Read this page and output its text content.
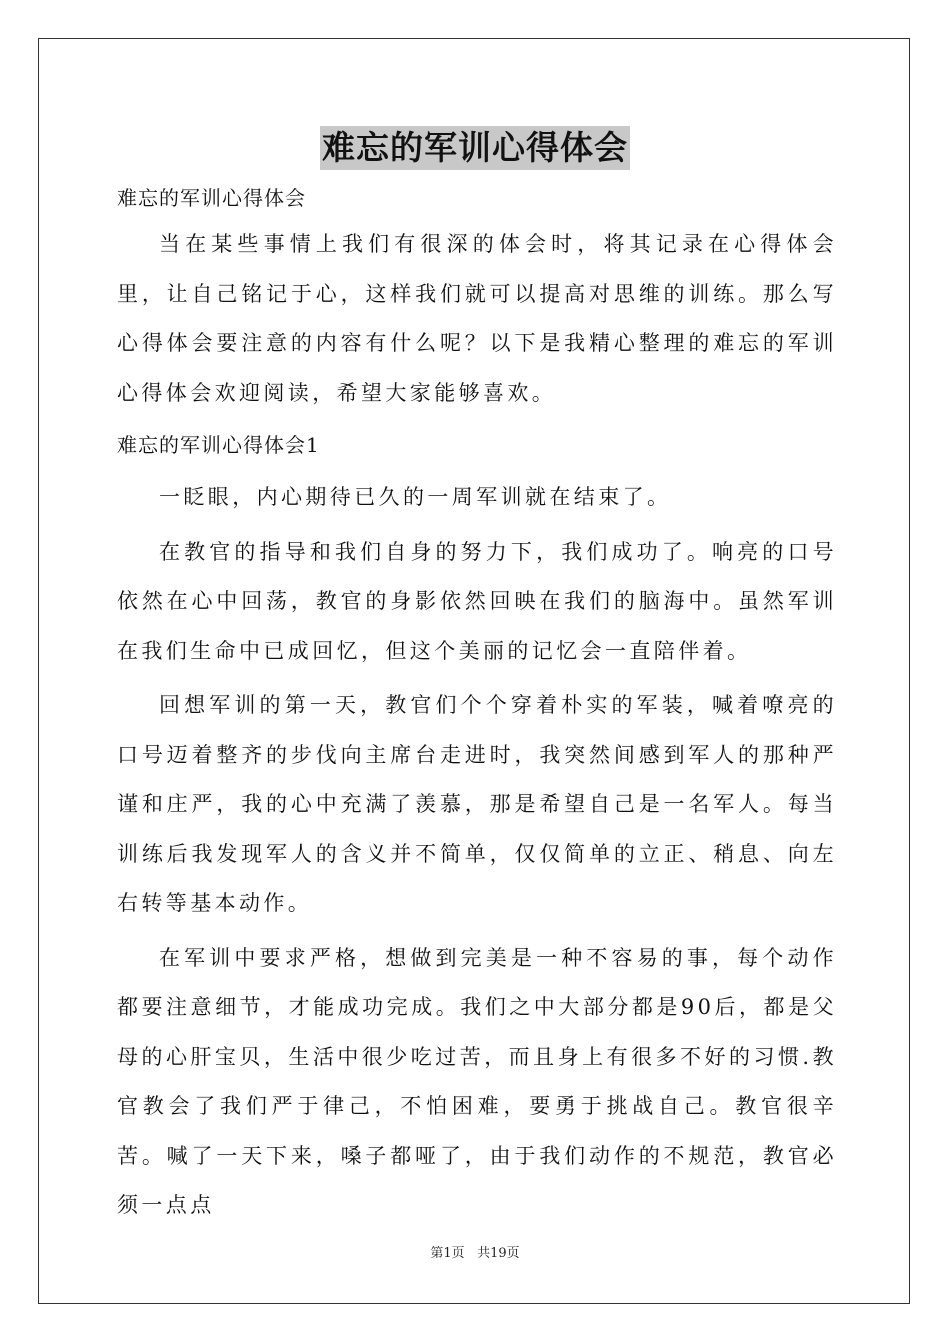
难忘的军训心得体会

难忘的军训心得体会

当在某些事情上我们有很深的体会时，将其记录在心得体会里，让自己铭记于心，这样我们就可以提高对思维的训练。那么写心得体会要注意的内容有什么呢？以下是我精心整理的难忘的军训心得体会欢迎阅读，希望大家能够喜欢。

难忘的军训心得体会1

一眨眼，内心期待已久的一周军训就在结束了。

在教官的指导和我们自身的努力下，我们成功了。响亮的口号依然在心中回荡，教官的身影依然回映在我们的脑海中。虽然军训在我们生命中已成回忆，但这个美丽的记忆会一直陪伴着。

回想军训的第一天，教官们个个穿着朴实的军装，喊着嘹亮的口号迈着整齐的步伐向主席台走进时，我突然间感到军人的那种严谨和庄严，我的心中充满了羡慕，那是希望自己是一名军人。每当训练后我发现军人的含义并不简单，仅仅简单的立正、稍息、向左右转等基本动作。

在军训中要求严格，想做到完美是一种不容易的事，每个动作都要注意细节，才能成功完成。我们之中大部分都是90后，都是父母的心肝宝贝，生活中很少吃过苦，而且身上有很多不好的习惯.教官教会了我们严于律己，不怕困难，要勇于挑战自己。教官很辛苦。喊了一天下来，嗓子都哑了，由于我们动作的不规范，教官必须一点点

第1页 共19页
